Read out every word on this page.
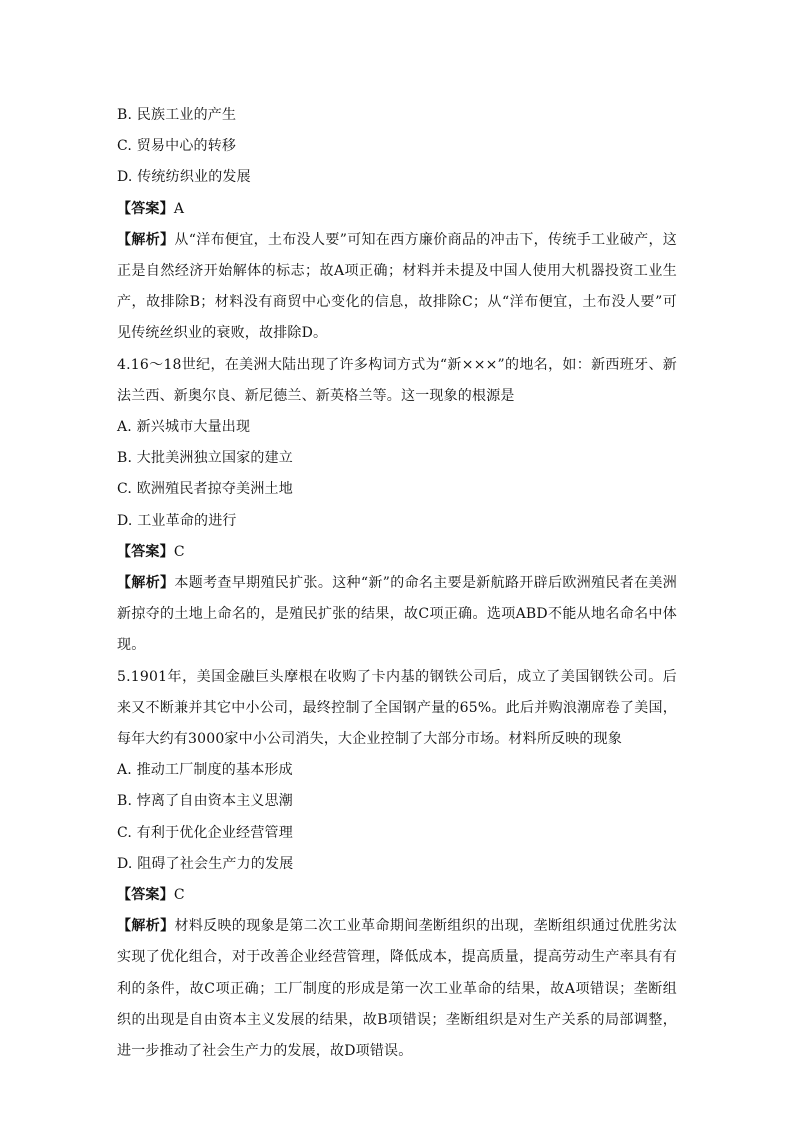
B. 民族工业的产生
C. 贸易中心的转移
D. 传统纺织业的发展
【答案】A
【解析】从“洋布便宜，土布没人要”可知在西方廉价商品的冲击下，传统手工业破产，这正是自然经济开始解体的标志；故A项正确；材料并未提及中国人使用大机器投资工业生产，故排除B；材料没有商贸中心变化的信息，故排除C；从“洋布便宜，土布没人要”可见传统丝织业的衰败，故排除D。
4.16～18世纪，在美洲大陆出现了许多构词方式为“新×××”的地名，如：新西班牙、新法兰西、新奥尔良、新尼德兰、新英格兰等。这一现象的根源是
A. 新兴城市大量出现
B. 大批美洲独立国家的建立
C. 欧洲殖民者掠夺美洲土地
D. 工业革命的进行
【答案】C
【解析】本题考查早期殖民扩张。这种“新”的命名主要是新航路开辟后欧洲殖民者在美洲新掠夺的土地上命名的，是殖民扩张的结果，故C项正确。选项ABD不能从地名命名中体现。
5.1901年，美国金融巨头摩根在收购了卡内基的钢铁公司后，成立了美国钢铁公司。后来又不断兼并其它中小公司，最终控制了全国钢产量的65%。此后并购浪潮席卷了美国，每年大约有3000家中小公司消失，大企业控制了大部分市场。材料所反映的现象
A. 推动工厂制度的基本形成
B. 悖离了自由资本主义思潮
C. 有利于优化企业经营管理
D. 阻碍了社会生产力的发展
【答案】C
【解析】材料反映的现象是第二次工业革命期间垄断组织的出现，垄断组织通过优胜劣汰实现了优化组合，对于改善企业经营管理，降低成本，提高质量，提高劳动生产率具有有利的条件，故C项正确；工厂制度的形成是第一次工业革命的结果，故A项错误；垄断组织的出现是自由资本主义发展的结果，故B项错误；垄断组织是对生产关系的局部调整，进一步推动了社会生产力的发展，故D项错误。
